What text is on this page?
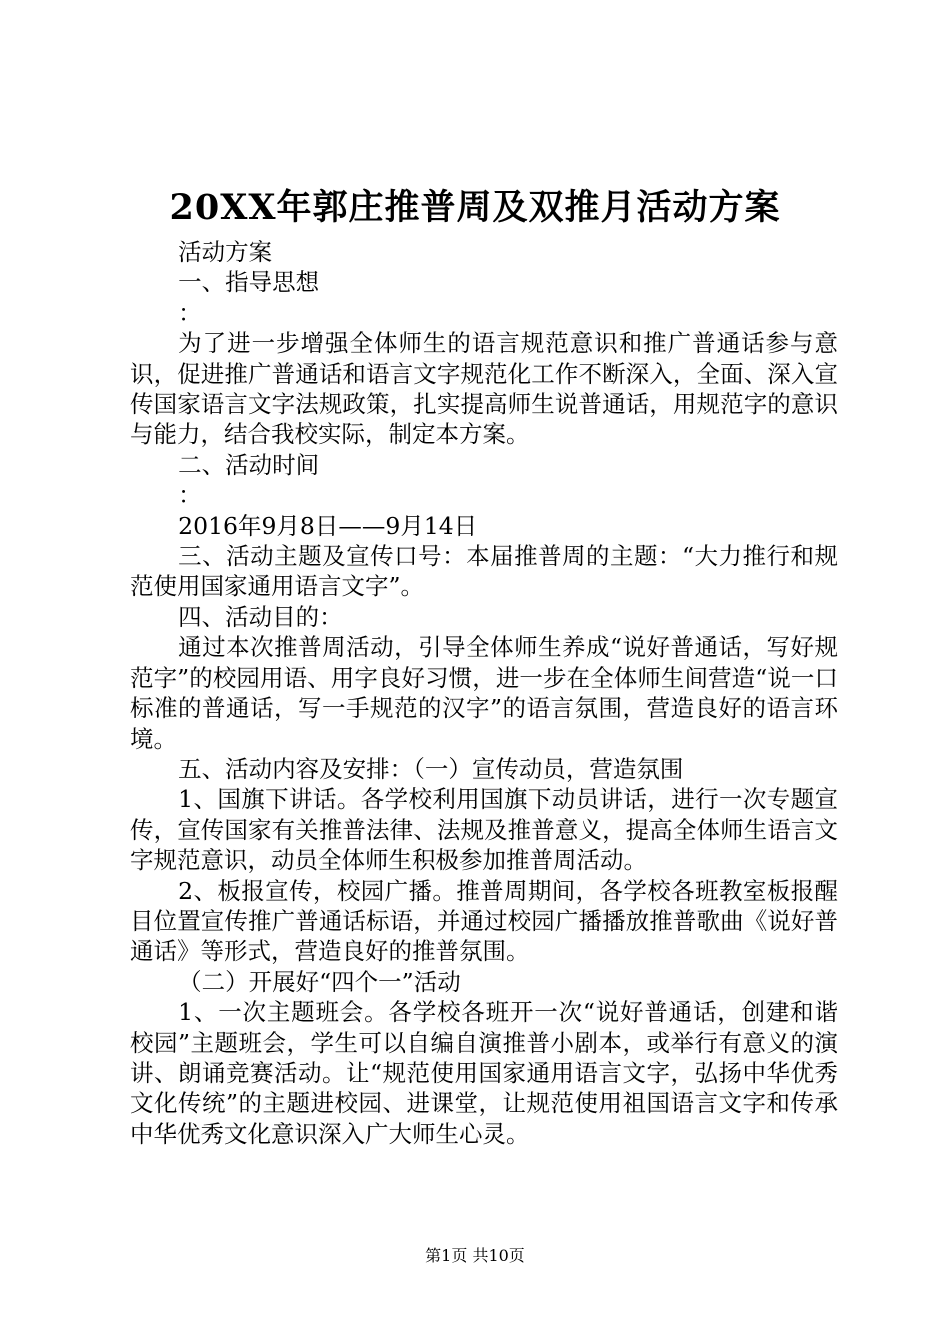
20XX年郭庄推普周及双推月活动方案

活动方案

一、指导思想

：

为了进一步增强全体师生的语言规范意识和推广普通话参与意识，促进推广普通话和语言文字规范化工作不断深入，全面、深入宣传国家语言文字法规政策，扎实提高师生说普通话，用规范字的意识与能力，结合我校实际，制定本方案。

二、活动时间

：

2016年9月8日——9月14日

三、活动主题及宣传口号：本届推普周的主题：“大力推行和规范使用国家通用语言文字”。

四、活动目的：

通过本次推普周活动，引导全体师生养成“说好普通话，写好规范字”的校园用语、用字良好习惯，进一步在全体师生间营造“说一口标准的普通话，写一手规范的汉字”的语言氛围，营造良好的语言环境。

五、活动内容及安排：（一）宣传动员，营造氛围

1、国旗下讲话。各学校利用国旗下动员讲话，进行一次专题宣传，宣传国家有关推普法律、法规及推普意义，提高全体师生语言文字规范意识，动员全体师生积极参加推普周活动。

2、板报宣传，校园广播。推普周期间，各学校各班教室板报醒目位置宣传推广普通话标语，并通过校园广播播放推普歌曲《说好普通话》等形式，营造良好的推普氛围。

（二）开展好“四个一”活动

1、一次主题班会。各学校各班开一次“说好普通话，创建和谐校园”主题班会，学生可以自编自演推普小剧本，或举行有意义的演讲、朗诵竞赛活动。让“规范使用国家通用语言文字，弘扬中华优秀文化传统”的主题进校园、进课堂，让规范使用祖国语言文字和传承中华优秀文化意识深入广大师生心灵。

第1页 共10页
